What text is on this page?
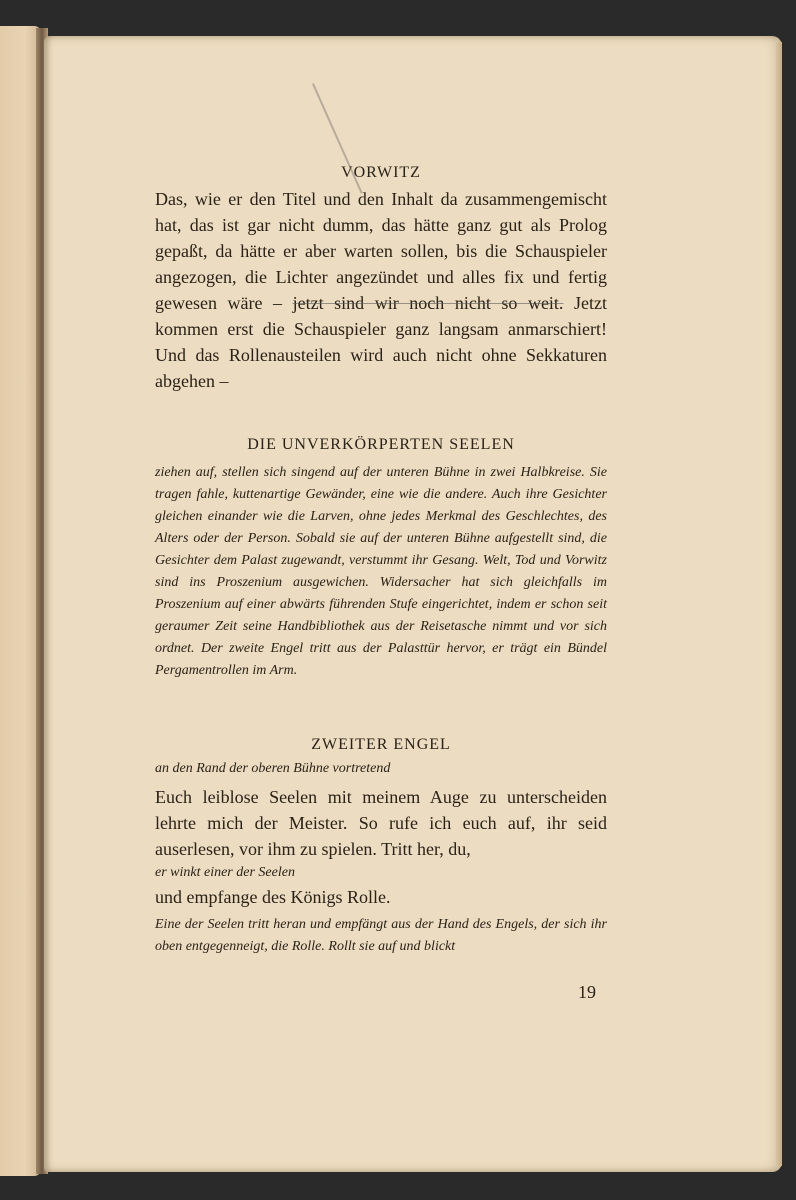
VORWITZ
Das, wie er den Titel und den Inhalt da zusammengemischt hat, das ist gar nicht dumm, das hätte ganz gut als Prolog gepaßt, da hätte er aber warten sollen, bis die Schauspieler angezogen, die Lichter angezündet und alles fix und fertig gewesen wäre – jetzt sind wir noch nicht so weit. Jetzt kommen erst die Schauspieler ganz langsam anmarschiert! Und das Rollenausteilen wird auch nicht ohne Sekkaturen abgehen –
DIE UNVERKÖRPERTEN SEELEN
ziehen auf, stellen sich singend auf der unteren Bühne in zwei Halbkreise. Sie tragen fahle, kuttenartige Gewänder, eine wie die andere. Auch ihre Gesichter gleichen einander wie die Larven, ohne jedes Merkmal des Geschlechtes, des Alters oder der Person. Sobald sie auf der unteren Bühne aufgestellt sind, die Gesichter dem Palast zugewandt, verstummt ihr Gesang. Welt, Tod und Vorwitz sind ins Proszenium ausgewichen. Widersacher hat sich gleichfalls im Proszenium auf einer abwärts führenden Stufe eingerichtet, indem er schon seit geraumer Zeit seine Handbibliothek aus der Reisetasche nimmt und vor sich ordnet. Der zweite Engel tritt aus der Palasttür hervor, er trägt ein Bündel Pergamentrollen im Arm.
ZWEITER ENGEL
an den Rand der oberen Bühne vortretend
Euch leiblose Seelen mit meinem Auge zu unterscheiden lehrte mich der Meister. So rufe ich euch auf, ihr seid auserlesen, vor ihm zu spielen. Tritt her, du,
er winkt einer der Seelen
und empfange des Königs Rolle.
Eine der Seelen tritt heran und empfängt aus der Hand des Engels, der sich ihr oben entgegenneigt, die Rolle. Rollt sie auf und blickt
19
